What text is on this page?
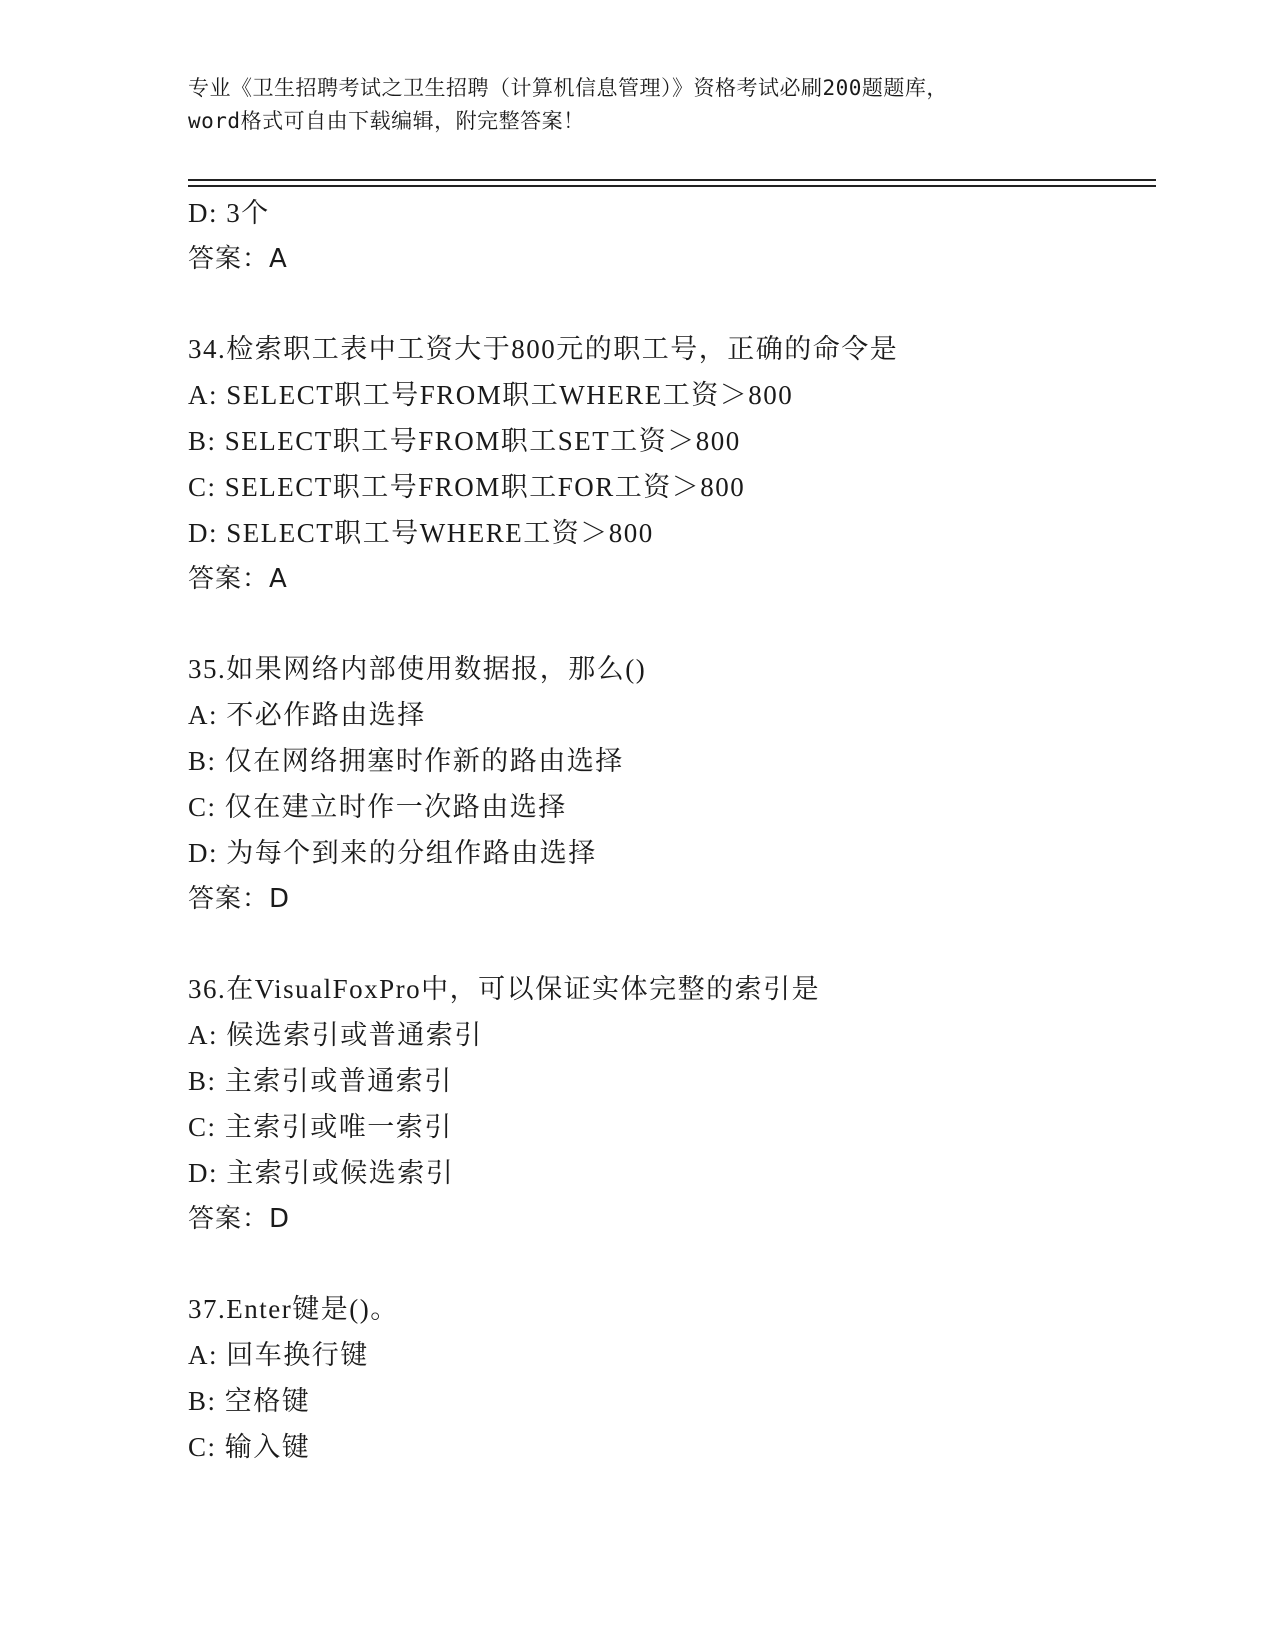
专业《卫生招聘考试之卫生招聘（计算机信息管理）》资格考试必刷200题题库，
word格式可自由下载编辑，附完整答案！
D: 3个
答案：A
34.检索职工表中工资大于800元的职工号，正确的命令是
A: SELECT职工号FROM职工WHERE工资＞800
B: SELECT职工号FROM职工SET工资＞800
C: SELECT职工号FROM职工FOR工资＞800
D: SELECT职工号WHERE工资＞800
答案：A
35.如果网络内部使用数据报，那么()
A: 不必作路由选择
B: 仅在网络拥塞时作新的路由选择
C: 仅在建立时作一次路由选择
D: 为每个到来的分组作路由选择
答案：D
36.在VisualFoxPro中，可以保证实体完整的索引是
A: 候选索引或普通索引
B: 主索引或普通索引
C: 主索引或唯一索引
D: 主索引或候选索引
答案：D
37.Enter键是()。
A: 回车换行键
B: 空格键
C: 输入键
